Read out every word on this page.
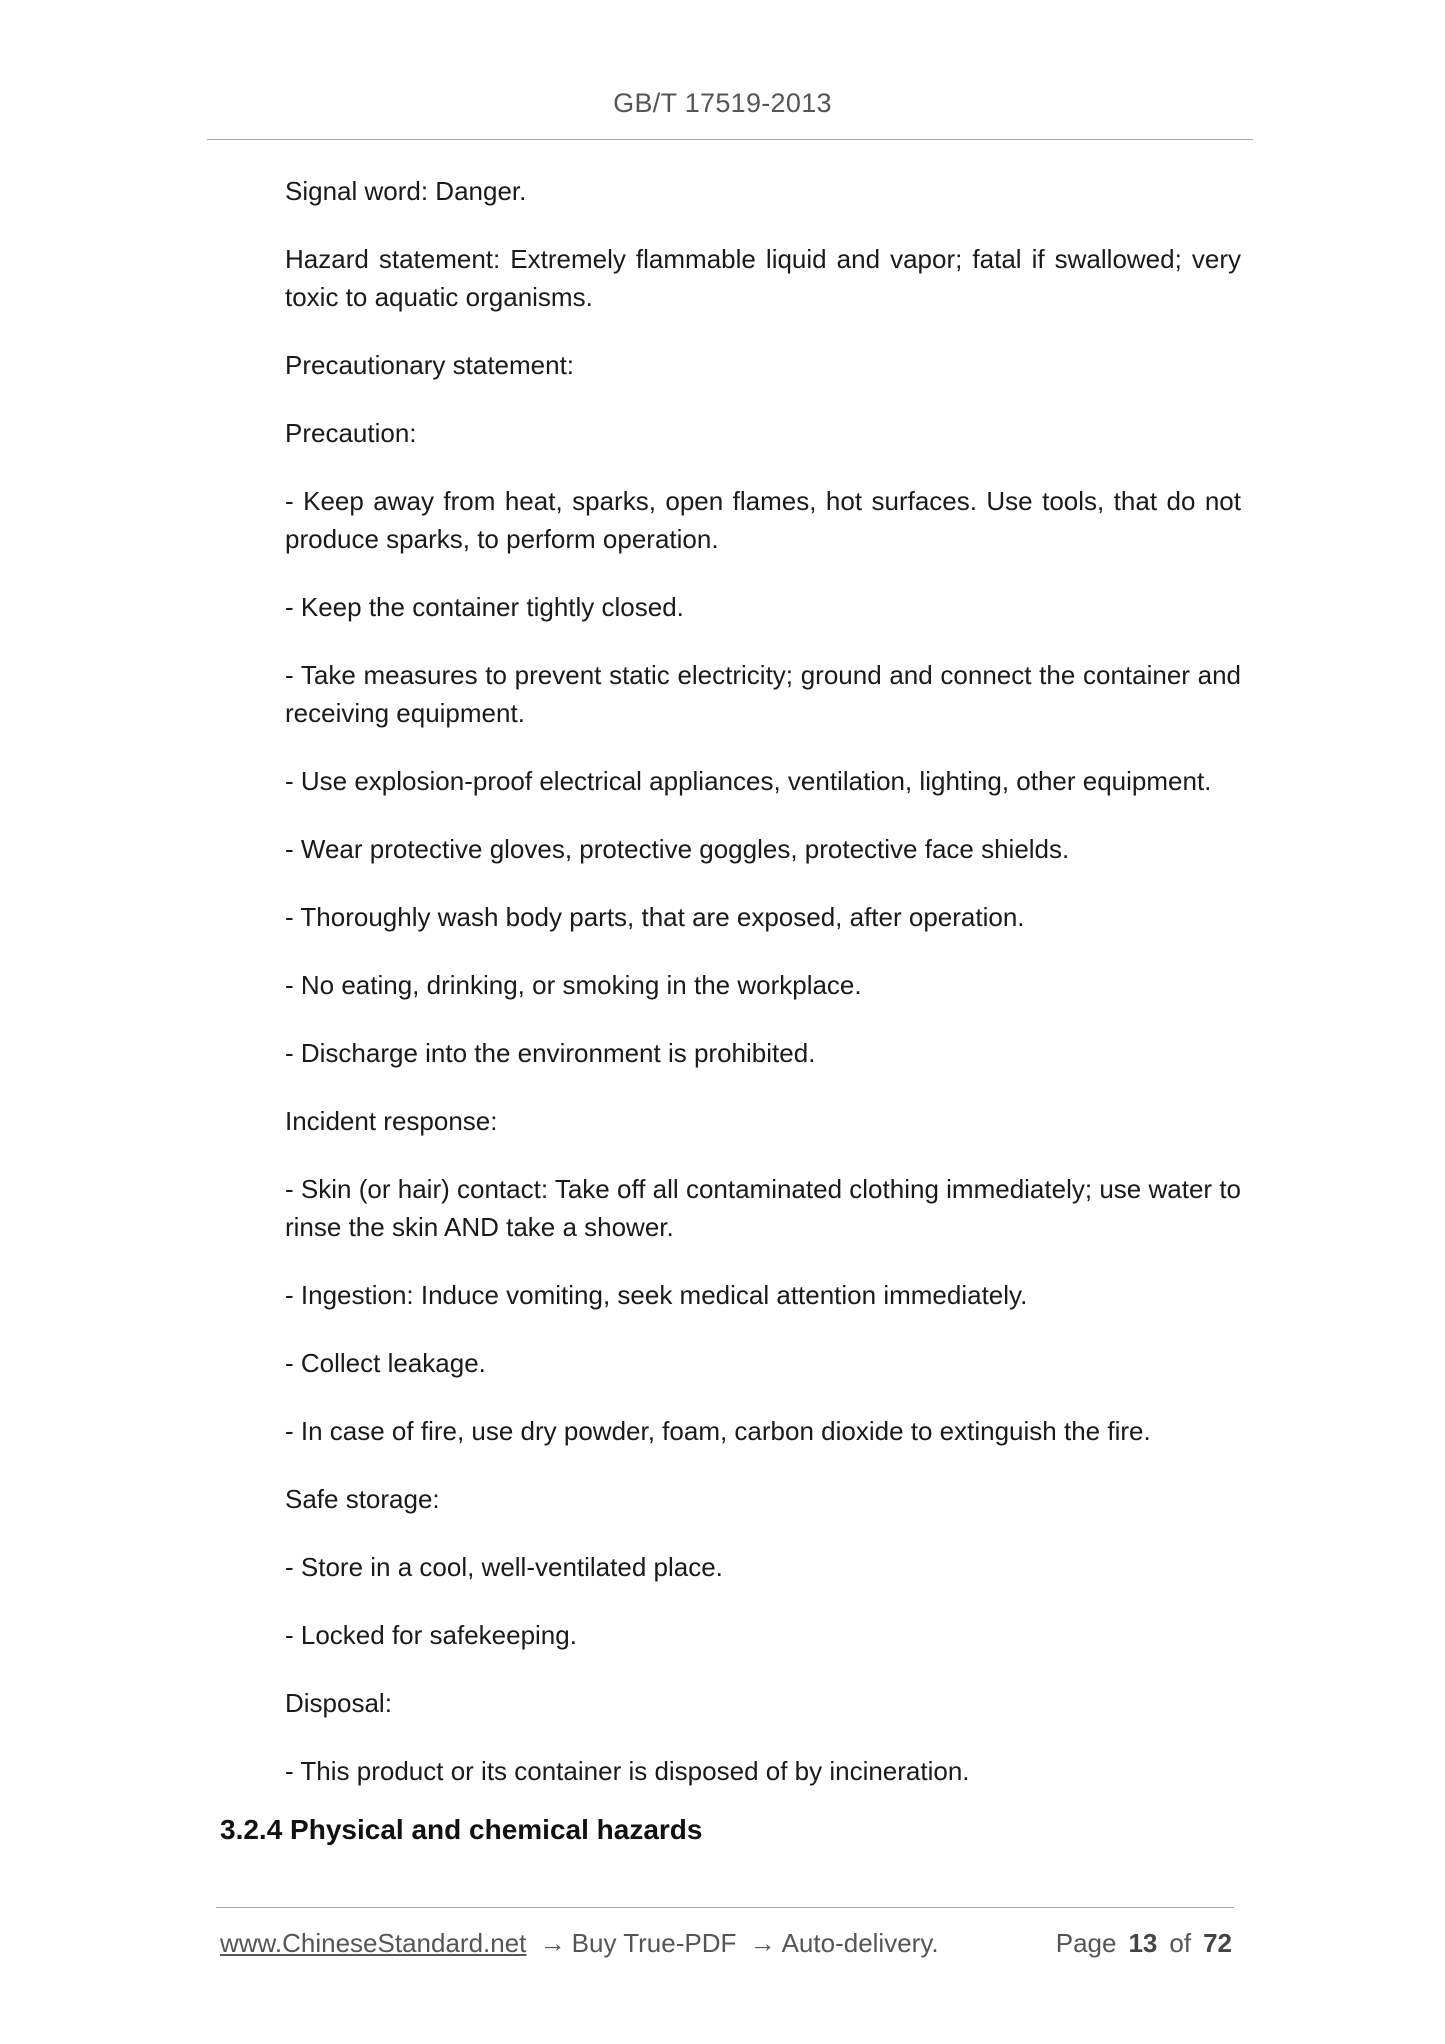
GB/T 17519-2013

Signal word: Danger.

Hazard statement: Extremely flammable liquid and vapor; fatal if swallowed; very toxic to aquatic organisms.

Precautionary statement:

Precaution:

- Keep away from heat, sparks, open flames, hot surfaces. Use tools, that do not produce sparks, to perform operation.

- Keep the container tightly closed.

- Take measures to prevent static electricity; ground and connect the container and receiving equipment.

- Use explosion-proof electrical appliances, ventilation, lighting, other equipment.

- Wear protective gloves, protective goggles, protective face shields.

- Thoroughly wash body parts, that are exposed, after operation.

- No eating, drinking, or smoking in the workplace.

- Discharge into the environment is prohibited.

Incident response:

- Skin (or hair) contact: Take off all contaminated clothing immediately; use water to rinse the skin AND take a shower.

- Ingestion: Induce vomiting, seek medical attention immediately.

- Collect leakage.

- In case of fire, use dry powder, foam, carbon dioxide to extinguish the fire.

Safe storage:

- Store in a cool, well-ventilated place.

- Locked for safekeeping.

Disposal:

- This product or its container is disposed of by incineration.

3.2.4 Physical and chemical hazards
www.ChineseStandard.net → Buy True-PDF → Auto-delivery.	Page 13 of 72
